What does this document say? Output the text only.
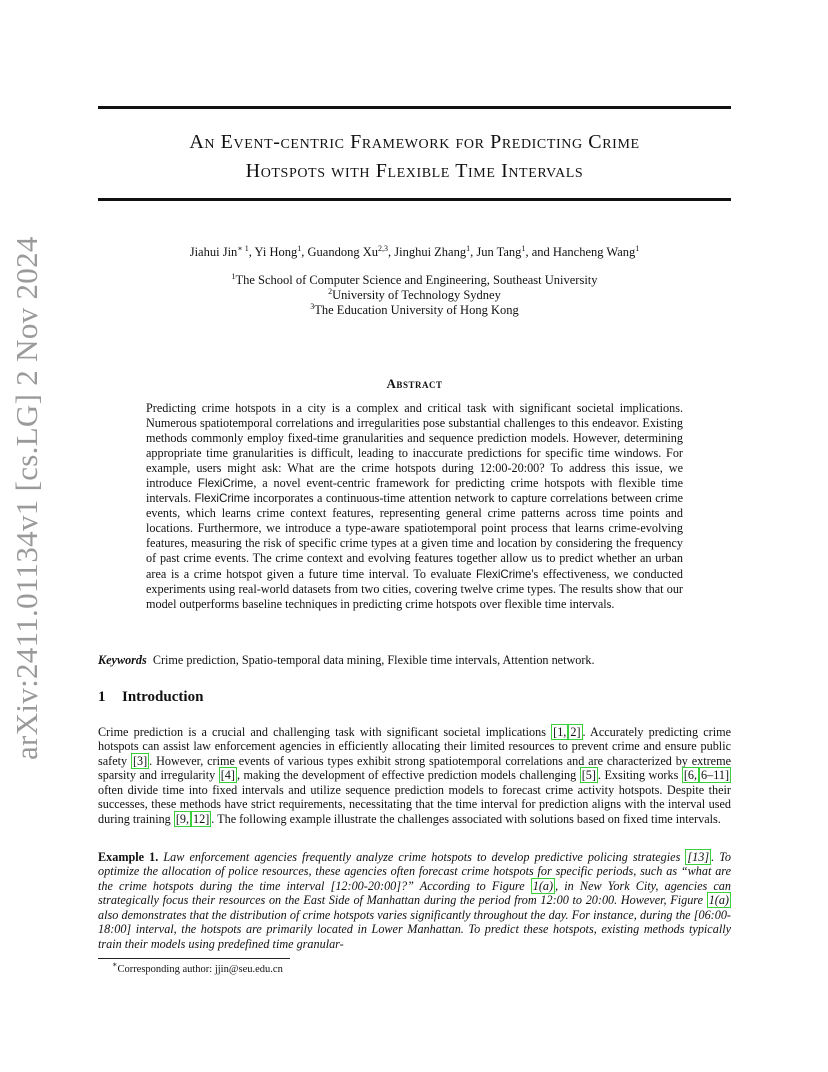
arXiv:2411.01134v1 [cs.LG] 2 Nov 2024
An Event-centric Framework for Predicting Crime
Hotspots with Flexible Time Intervals
Jiahui Jin$^{∗ 1}$, Yi Hong$^1$, Guandong Xu$^{2,3}$, Jinghui Zhang$^1$, Jun Tang$^1$, and Hancheng Wang$^1$
$^1$The School of Computer Science and Engineering, Southeast University
$^2$University of Technology Sydney
$^3$The Education University of Hong Kong
Abstract
Predicting crime hotspots in a city is a complex and critical task with significant societal implications. Numerous spatiotemporal correlations and irregularities pose substantial challenges to this endeavor. Existing methods commonly employ fixed-time granularities and sequence prediction models. However, determining appropriate time granularities is difficult, leading to inaccurate predictions for specific time windows. For example, users might ask: What are the crime hotspots during 12:00-20:00? To address this issue, we introduce FlexiCrime, a novel event-centric framework for predicting crime hotspots with flexible time intervals. FlexiCrime incorporates a continuous-time attention network to capture correlations between crime events, which learns crime context features, representing general crime patterns across time points and locations. Furthermore, we introduce a type-aware spatiotemporal point process that learns crime-evolving features, measuring the risk of specific crime types at a given time and location by considering the frequency of past crime events. The crime context and evolving features together allow us to predict whether an urban area is a crime hotspot given a future time interval. To evaluate FlexiCrime's effectiveness, we conducted experiments using real-world datasets from two cities, covering twelve crime types. The results show that our model outperforms baseline techniques in predicting crime hotspots over flexible time intervals.
Keywords Crime prediction, Spatio-temporal data mining, Flexible time intervals, Attention network.
1 Introduction
Crime prediction is a crucial and challenging task with significant societal implications [1, 2] . Accurately predicting crime hotspots can assist law enforcement agencies in efficiently allocating their limited resources to prevent crime and ensure public safety [3] . However, crime events of various types exhibit strong spatiotemporal correlations and are characterized by extreme sparsity and irregularity [4] , making the development of effective prediction models challenging [5] . Exsiting works [6, 6–11] often divide time into fixed intervals and utilize sequence prediction models to forecast crime activity hotspots. Despite their successes, these methods have strict requirements, necessitating that the time interval for prediction aligns with the interval used during training [9, 12] . The following example illustrate the challenges associated with solutions based on fixed time intervals.
Example 1. Law enforcement agencies frequently analyze crime hotspots to develop predictive policing strategies [13] . To optimize the allocation of police resources, these agencies often forecast crime hotspots for specific periods, such as “what are the crime hotspots during the time interval [12:00-20:00]?” According to Figure 1(a) , in New York City, agencies can strategically focus their resources on the East Side of Manhattan during the period from 12:00 to 20:00. However, Figure 1(a) also demonstrates that the distribution of crime hotspots varies significantly throughout the day. For instance, during the [06:00-18:00] interval, the hotspots are primarily located in Lower Manhattan. To predict these hotspots, existing methods typically train their models using predefined time granular-
∗Corresponding author: jjin@seu.edu.cn
